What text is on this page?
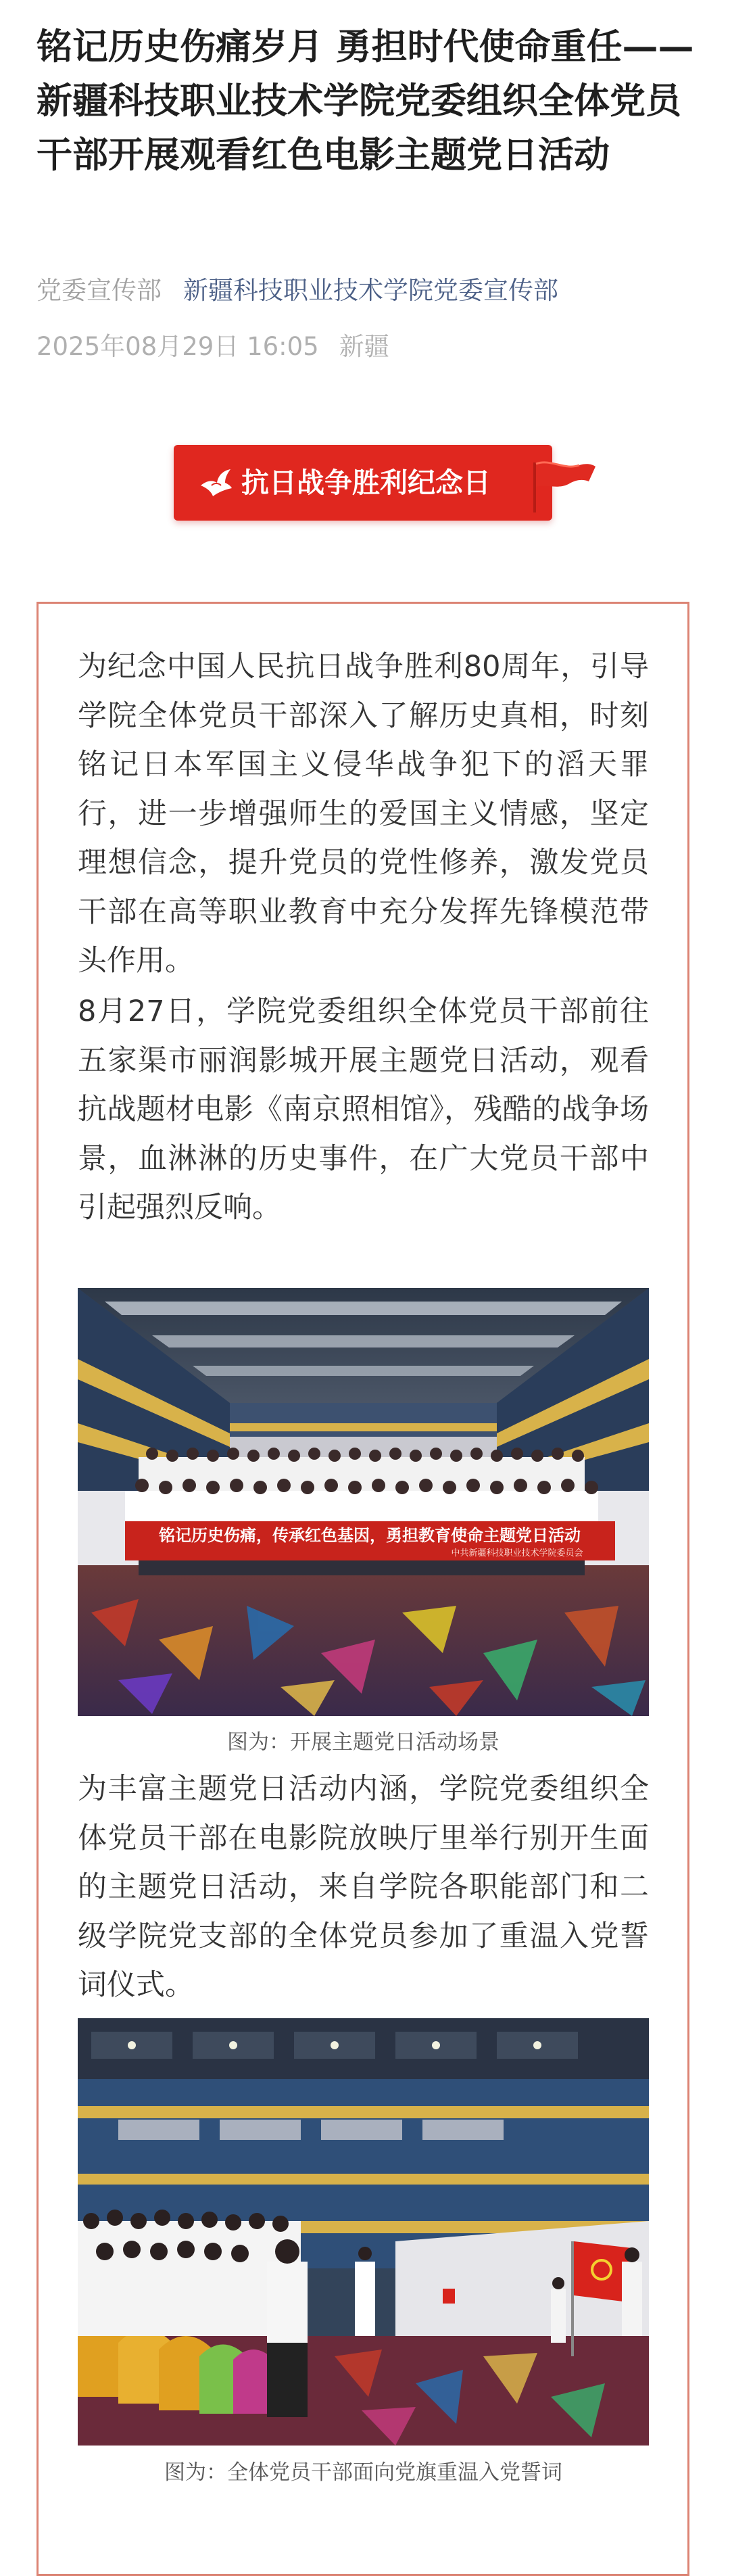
铭记历史伤痛岁月 勇担时代使命重任——新疆科技职业技术学院党委组织全体党员干部开展观看红色电影主题党日活动
党委宣传部 新疆科技职业技术学院党委宣传部
2025年08月29日 16:05 新疆
抗日战争胜利纪念日

为纪念中国人民抗日战争胜利80周年，引导学院全体党员干部深入了解历史真相，时刻铭记日本军国主义侵华战争犯下的滔天罪行，进一步增强师生的爱国主义情感，坚定理想信念，提升党员的党性修养，激发党员干部在高等职业教育中充分发挥先锋模范带头作用。

8月27日，学院党委组织全体党员干部前往五家渠市丽润影城开展主题党日活动，观看抗战题材电影《南京照相馆》，残酷的战争场景，血淋淋的历史事件，在广大党员干部中引起强烈反响。

铭记历史伤痛，传承红色基因，勇担教育使命主题党日活动
中共新疆科技职业技术学院委员会
图为：开展主题党日活动场景

为丰富主题党日活动内涵，学院党委组织全体党员干部在电影院放映厅里举行别开生面的主题党日活动，来自学院各职能部门和二级学院党支部的全体党员参加了重温入党誓词仪式。

图为：全体党员干部面向党旗重温入党誓词
